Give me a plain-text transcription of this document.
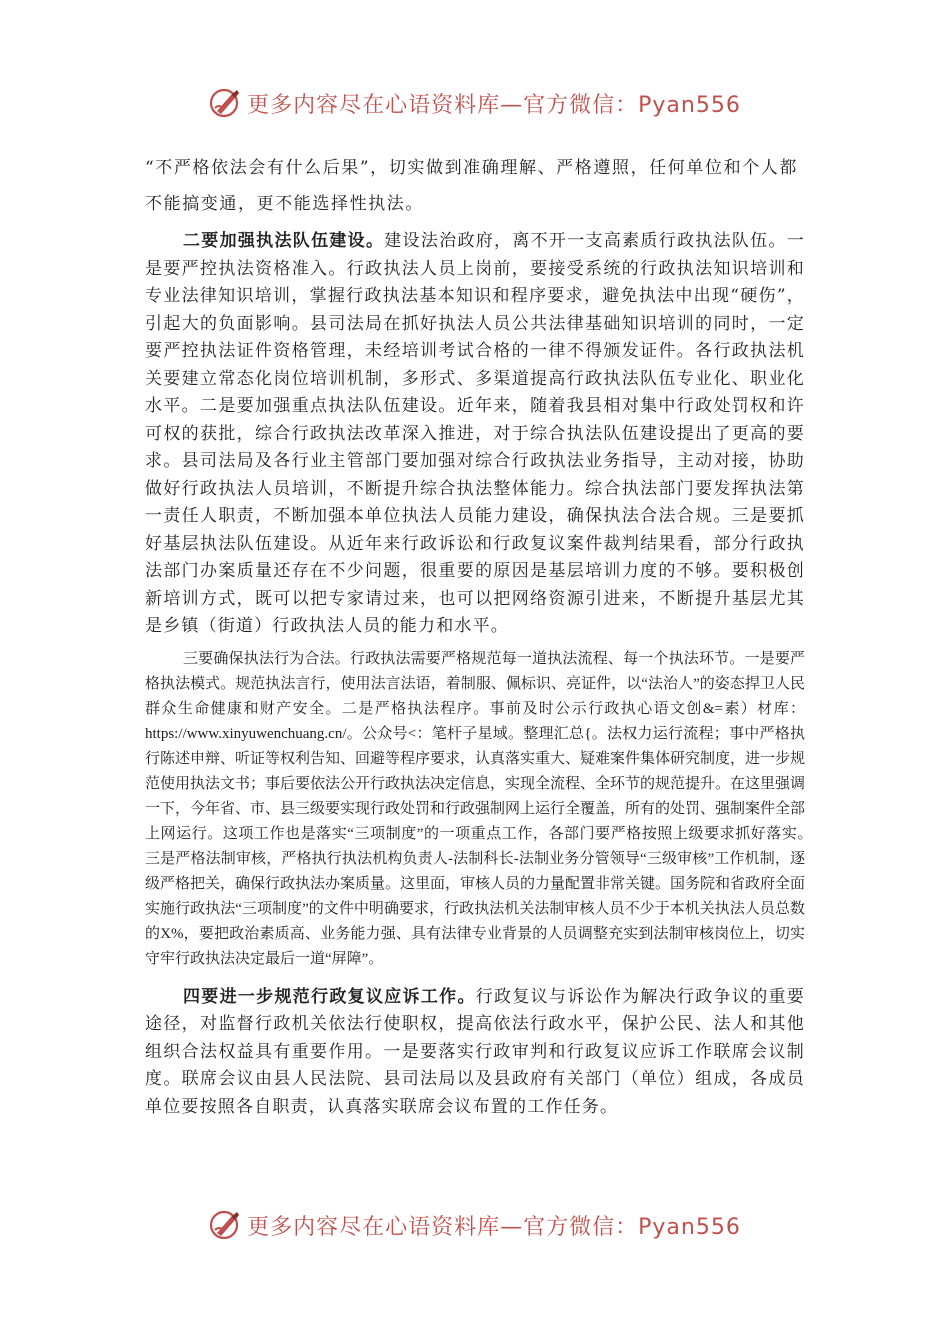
更多内容尽在心语资料库—官方微信：Pyan556

“不严格依法会有什么后果”，切实做到准确理解、严格遵照，任何单位和个人都不能搞变通，更不能选择性执法。

二要加强执法队伍建设。建设法治政府，离不开一支高素质行政执法队伍。一是要严控执法资格准入。行政执法人员上岗前，要接受系统的行政执法知识培训和专业法律知识培训，掌握行政执法基本知识和程序要求，避免执法中出现“硬伤”，引起大的负面影响。县司法局在抓好执法人员公共法律基础知识培训的同时，一定要严控执法证件资格管理，未经培训考试合格的一律不得颁发证件。各行政执法机关要建立常态化岗位培训机制，多形式、多渠道提高行政执法队伍专业化、职业化水平。二是要加强重点执法队伍建设。近年来，随着我县相对集中行政处罚权和许可权的获批，综合行政执法改革深入推进，对于综合执法队伍建设提出了更高的要求。县司法局及各行业主管部门要加强对综合行政执法业务指导，主动对接，协助做好行政执法人员培训，不断提升综合执法整体能力。综合执法部门要发挥执法第一责任人职责，不断加强本单位执法人员能力建设，确保执法合法合规。三是要抓好基层执法队伍建设。从近年来行政诉讼和行政复议案件裁判结果看，部分行政执法部门办案质量还存在不少问题，很重要的原因是基层培训力度的不够。要积极创新培训方式，既可以把专家请过来，也可以把网络资源引进来，不断提升基层尤其是乡镇（街道）行政执法人员的能力和水平。

三要确保执法行为合法。行政执法需要严格规范每一道执法流程、每一个执法环节。一是要严格执法模式。规范执法言行，使用法言法语，着制服、佩标识、亮证件，以“法治人”的姿态捍卫人民群众生命健康和财产安全。二是严格执法程序。事前及时公示行政执心语文创&=素）材库：https://www.xinyuwenchuang.cn/。公众号<：笔杆子星域。整理汇总{。法权力运行流程；事中严格执行陈述申辩、听证等权利告知、回避等程序要求，认真落实重大、疑难案件集体研究制度，进一步规范使用执法文书；事后要依法公开行政执法决定信息，实现全流程、全环节的规范提升。在这里强调一下，今年省、市、县三级要实现行政处罚和行政强制网上运行全覆盖，所有的处罚、强制案件全部上网运行。这项工作也是落实“三项制度”的一项重点工作，各部门要严格按照上级要求抓好落实。　三是严格法制审核，严格执行执法机构负责人-法制科长-法制业务分管领导“三级审核”工作机制，逐级严格把关，确保行政执法办案质量。这里面，审核人员的力量配置非常关键。国务院和省政府全面实施行政执法“三项制度”的文件中明确要求，行政执法机关法制审核人员不少于本机关执法人员总数的X%，要把政治素质高、业务能力强、具有法律专业背景的人员调整充实到法制审核岗位上，切实守牢行政执法决定最后一道“屏障”。

四要进一步规范行政复议应诉工作。行政复议与诉讼作为解决行政争议的重要途径，对监督行政机关依法行使职权，提高依法行政水平，保护公民、法人和其他组织合法权益具有重要作用。一是要落实行政审判和行政复议应诉工作联席会议制度。联席会议由县人民法院、县司法局以及县政府有关部门（单位）组成，各成员单位要按照各自职责，认真落实联席会议布置的工作任务。

更多内容尽在心语资料库—官方微信：Pyan556
